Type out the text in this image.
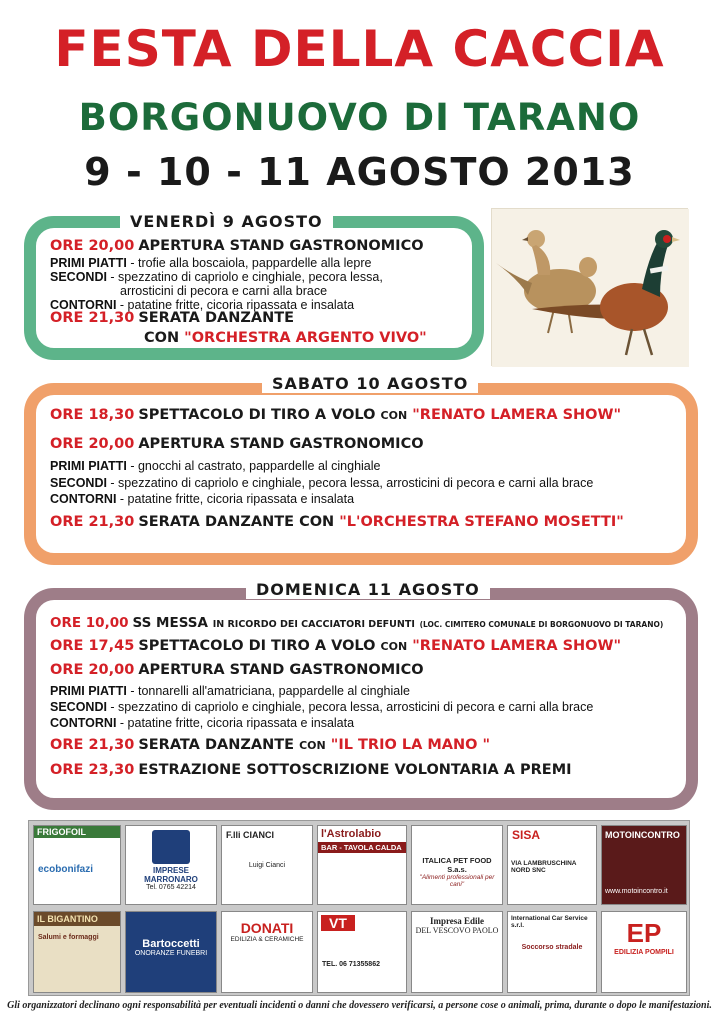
FESTA DELLA CACCIA
BORGONUOVO DI TARANO
9 - 10 - 11 AGOSTO 2013
VENERDÌ 9 AGOSTO
ORE 20,00 APERTURA STAND GASTRONOMICO
PRIMI PIATTI - trofie alla boscaiola, pappardelle alla lepre
SECONDI - spezzatino di capriolo e cinghiale, pecora lessa,
arrosticini di pecora e carni alla brace
CONTORNI - patatine fritte, cicoria ripassata e insalata
ORE 21,30 SERATA DANZANTE
CON "ORCHESTRA ARGENTO VIVO"
SABATO 10 AGOSTO
ORE 18,30 SPETTACOLO DI TIRO A VOLO CON "RENATO LAMERA SHOW"
ORE 20,00 APERTURA STAND GASTRONOMICO
PRIMI PIATTI - gnocchi al castrato, pappardelle al cinghiale
SECONDI - spezzatino di capriolo e cinghiale, pecora lessa, arrosticini di pecora e carni alla brace
CONTORNI - patatine fritte, cicoria ripassata e insalata
ORE 21,30 SERATA DANZANTE CON "L'ORCHESTRA STEFANO MOSETTI"
DOMENICA 11 AGOSTO
ORE 10,00 SS MESSA IN RICORDO DEI CACCIATORI DEFUNTI (LOC. CIMITERO COMUNALE DI BORGONUOVO DI TARANO)
ORE 17,45 SPETTACOLO DI TIRO A VOLO CON "RENATO LAMERA SHOW"
ORE 20,00 APERTURA STAND GASTRONOMICO
PRIMI PIATTI - tonnarelli all'amatriciana, pappardelle al cinghiale
SECONDI - spezzatino di capriolo e cinghiale, pecora lessa, arrosticini di pecora e carni alla brace
CONTORNI - patatine fritte, cicoria ripassata e insalata
ORE 21,30 SERATA DANZANTE CON "IL TRIO LA MANO "
ORE 23,30 ESTRAZIONE SOTTOSCRIZIONE VOLONTARIA A PREMI
FRIGOFOIL
ecobonifazi	IMPRESE MARRONARO
Tel. 0765 42214
F.lli CIANCI
Luigi Cianci
l'Astrolabio
BAR - TAVOLA CALDA
ITALICA PET FOOD S.a.s.
"Alimenti professionali per cani"
SISA
VIA LAMBRUSCHINA NORD SNC
MOTOINCONTRO
www.motoincontro.it
IL BIGANTINO
Salumi e formaggi
Bartoccetti
ONORANZE FUNEBRI
DONATI
EDILIZIA & CERAMICHE
VT
TEL. 06 71355862
Impresa Edile
DEL VESCOVO PAOLO
International Car Service s.r.l.
Soccorso stradale	EP
EDILIZIA POMPILI
Gli organizzatori declinano ogni responsabilità per eventuali incidenti o danni che dovessero verificarsi, a persone cose o animali, prima, durante o dopo le manifestazioni.
